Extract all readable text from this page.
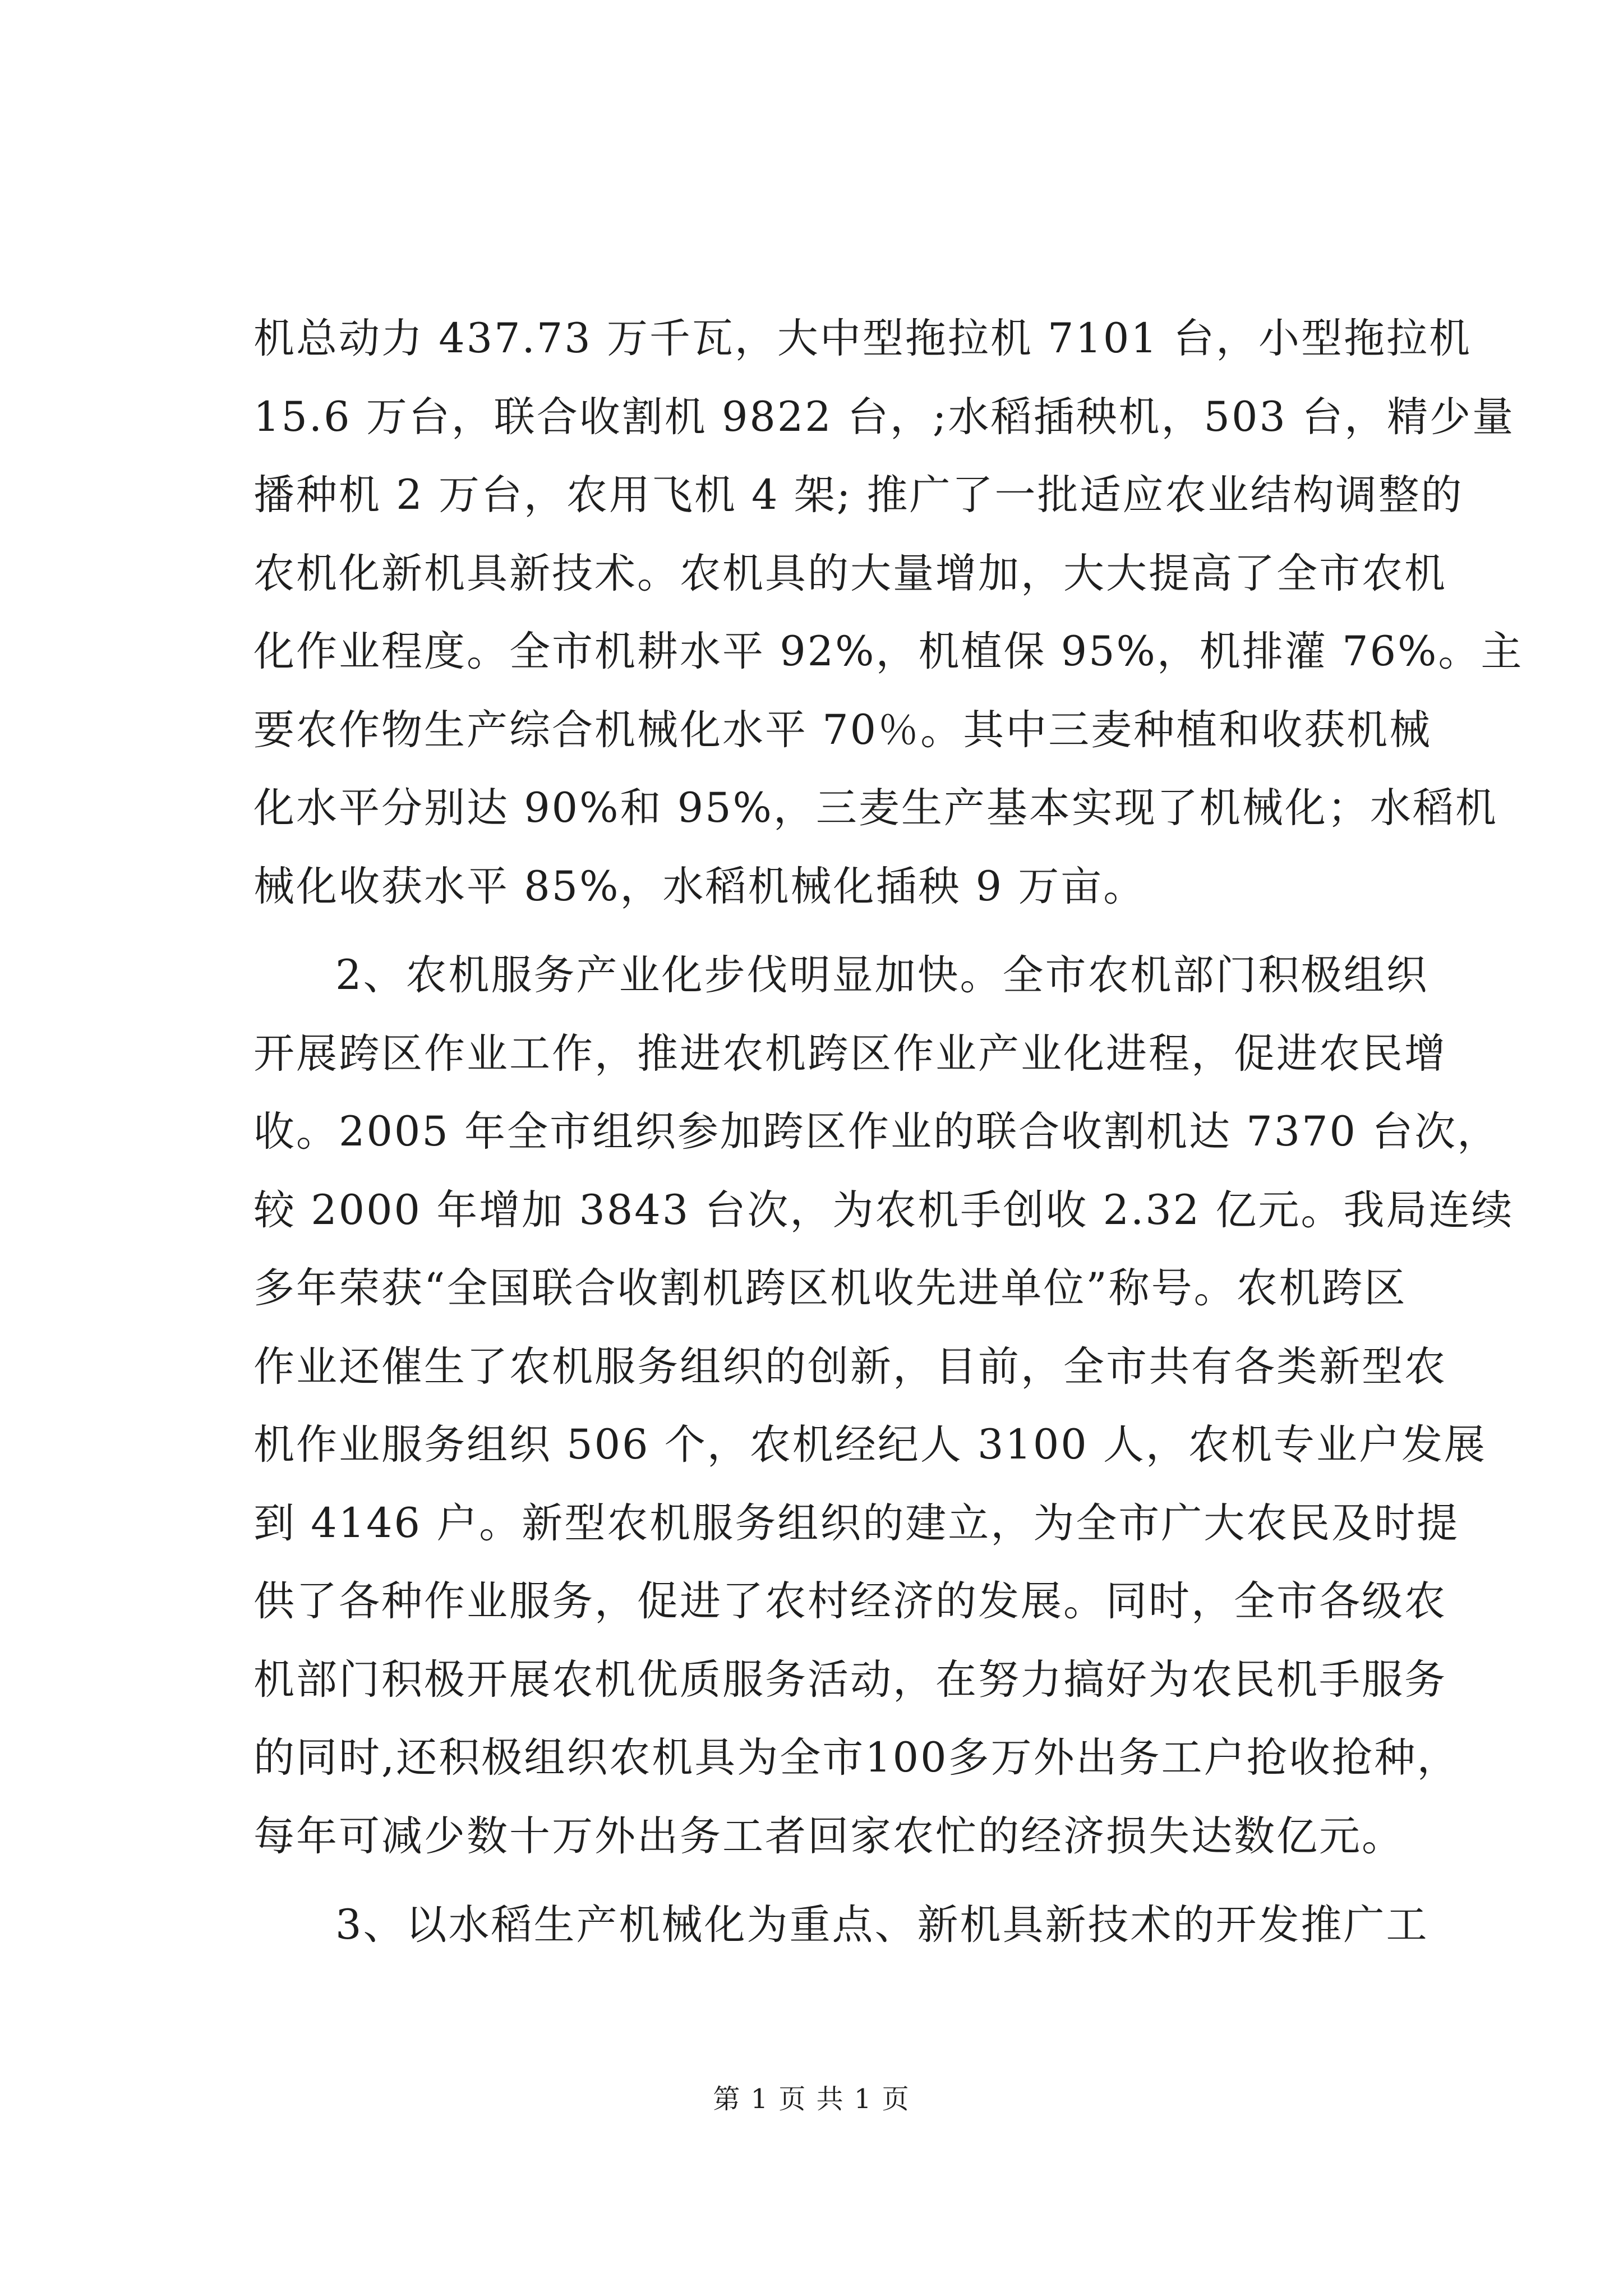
机总动力 437.73 万千瓦，大中型拖拉机 7101 台，小型拖拉机
15.6 万台，联合收割机 9822 台，;水稻插秧机，503 台，精少量
播种机 2 万台，农用飞机 4 架; 推广了一批适应农业结构调整的
农机化新机具新技术。农机具的大量增加，大大提高了全市农机
化作业程度。全市机耕水平 92%，机植保 95%，机排灌 76%。主
要农作物生产综合机械化水平 70％。其中三麦种植和收获机械
化水平分别达 90%和 95%，三麦生产基本实现了机械化；水稻机
械化收获水平 85%，水稻机械化插秧 9 万亩。
2、农机服务产业化步伐明显加快。全市农机部门积极组织
开展跨区作业工作，推进农机跨区作业产业化进程，促进农民增
收。2005 年全市组织参加跨区作业的联合收割机达 7370 台次，
较 2000 年增加 3843 台次，为农机手创收 2.32 亿元。我局连续
多年荣获“全国联合收割机跨区机收先进单位”称号。农机跨区
作业还催生了农机服务组织的创新，目前，全市共有各类新型农
机作业服务组织 506 个，农机经纪人 3100 人，农机专业户发展
到 4146 户。新型农机服务组织的建立，为全市广大农民及时提
供了各种作业服务，促进了农村经济的发展。同时，全市各级农
机部门积极开展农机优质服务活动，在努力搞好为农民机手服务
的同时,还积极组织农机具为全市100多万外出务工户抢收抢种，
每年可减少数十万外出务工者回家农忙的经济损失达数亿元。
3、以水稻生产机械化为重点、新机具新技术的开发推广工
第 1 页 共 1 页
